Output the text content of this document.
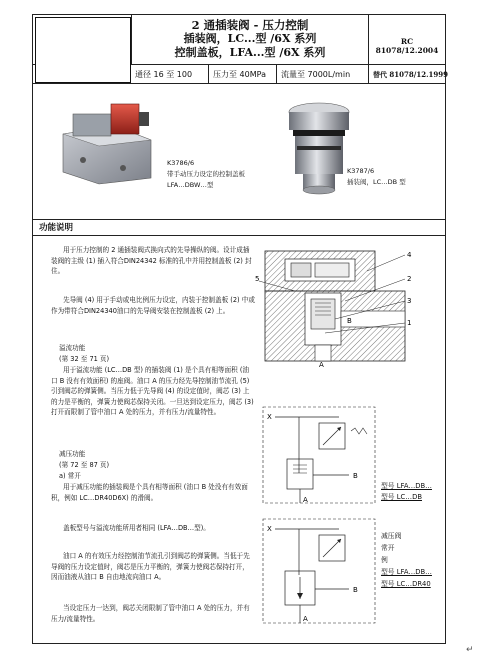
2 通插装阀 - 压力控制
插装阀，LC...型 /6X 系列
控制盖板，LFA...型 /6X 系列
RC 81078/12.2004
通径 16 至 100	压力至 40MPa	流量至 7000L/min	替代 81078/12.1999
K3786/6
带手动压力设定的控制盖板
LFA…DBW…型
K3787/6
插装阀，LC…DB 型
功能说明
用于压力控制的 2 通插装阀式换向式的先导操纵的阀。设计成插装阀的主级 (1) 插入符合DIN24342 标准的孔中并用控制盖板 (2) 封住。
先导阀 (4) 用于手动或电比例压力设定，内装于控制盖板 (2) 中或作为带符合DIN24340油口的先导阀安装在控制盖板 (2) 上。
溢流功能
(第 32 至 71 页)
用于溢流功能 (LC…DB 型) 的插装阀 (1) 是个具有相等面积 (油口 B 没有有效面积) 的座阀。油口 A 的压力经先导控制油节流孔 (5) 引到阀芯的弹簧侧。当压力低于先导阀 (4) 的设定值时，阀芯 (3) 上的力是平衡的，弹簧力使阀芯保持关闭。一旦达到设定压力，阀芯 (3) 打开而限制了管中油口 A 处的压力，并有压力/流量特性。
减压功能
(第 72 至 87 页)
a) 常开
用于减压功能的插装阀是个具有相等面积 (油口 B 处没有有效面积，例如 LC…DR40D6X) 的滑阀。
盖板型号与溢流功能所用者相同 (LFA…DB…型)。
油口 A 的有效压力经控制油节流孔引到阀芯的弹簧侧。当低于先导阀的压力设定值时，阀芯是压力平衡的，弹簧力使阀芯保持打开，因而油液从油口 B 自由地流向油口 A。
当设定压力一达到，阀芯关闭限制了管中油口 A 处的压力，并有压力/流量特性。
4
2
3
1
5
B
A
X
B
A
型号 LFA…DB…
型号 LC…DB
X
B
A
减压阀
常开
例
型号 LFA…DB…
型号 LC…DR40
↵
